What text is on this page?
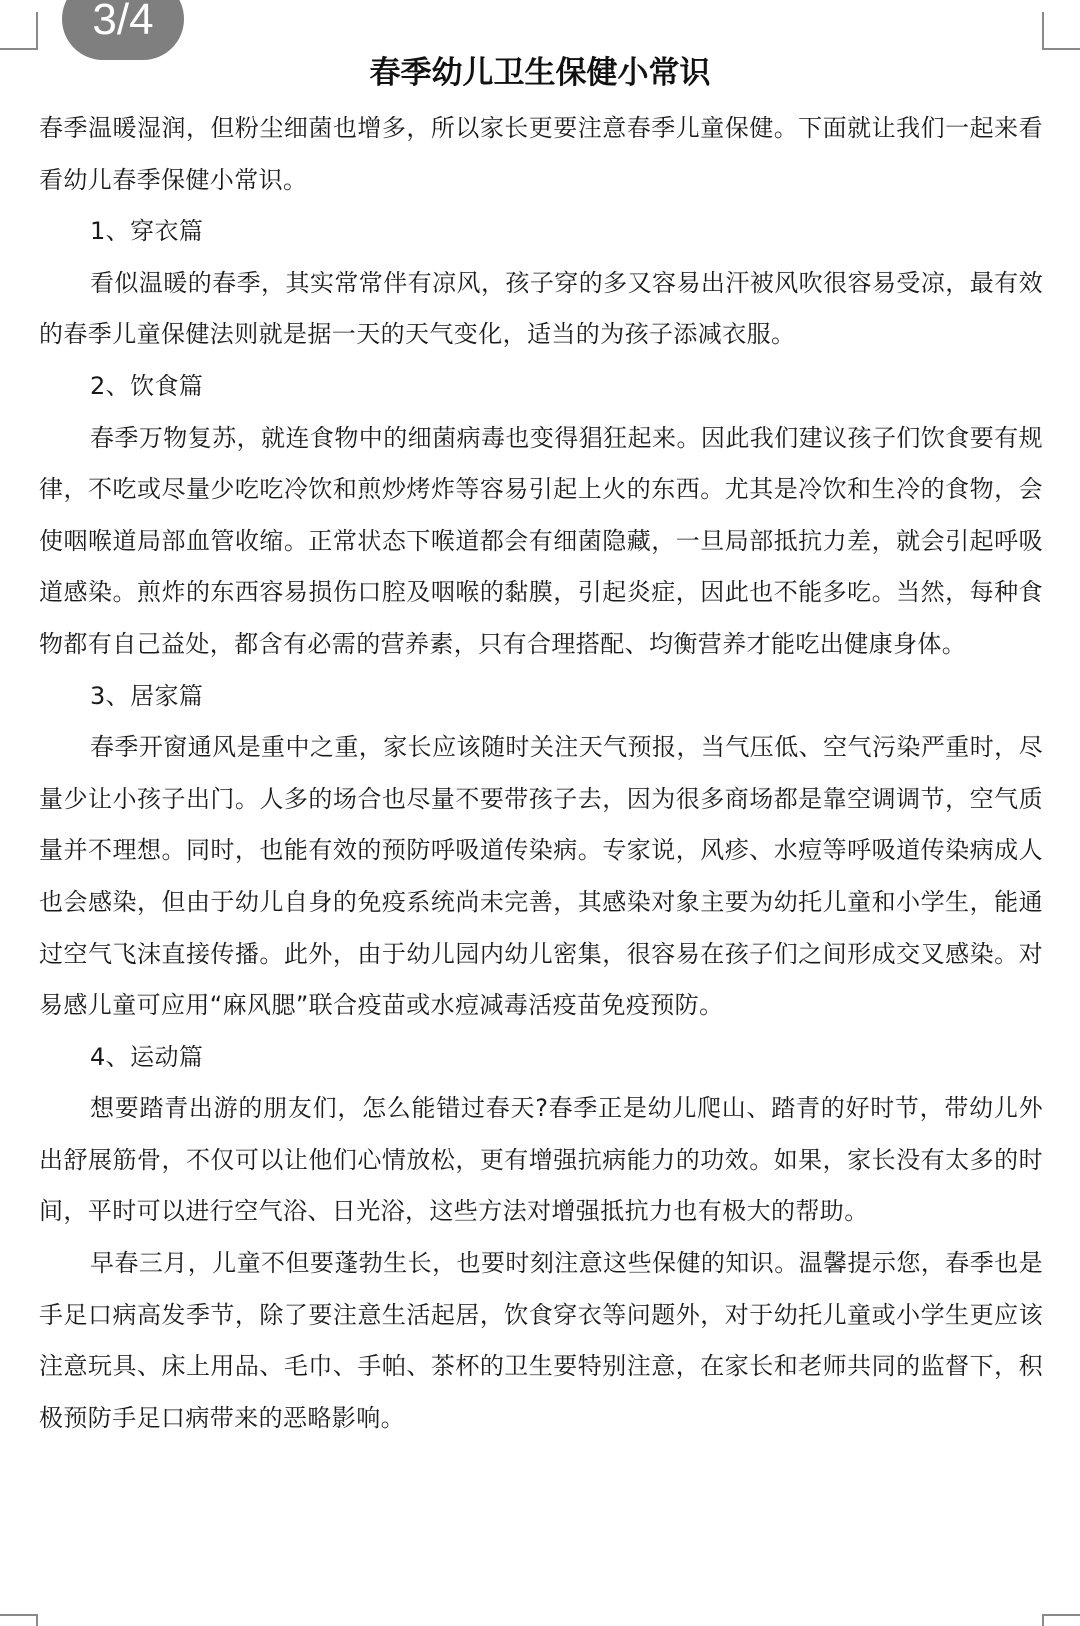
3/4
春季幼儿卫生保健小常识

春季温暖湿润，但粉尘细菌也增多，所以家长更要注意春季儿童保健。下面就让我们一起来看看幼儿春季保健小常识。

1、穿衣篇

看似温暖的春季，其实常常伴有凉风，孩子穿的多又容易出汗被风吹很容易受凉，最有效的春季儿童保健法则就是据一天的天气变化，适当的为孩子添减衣服。

2、饮食篇

春季万物复苏，就连食物中的细菌病毒也变得猖狂起来。因此我们建议孩子们饮食要有规律，不吃或尽量少吃吃冷饮和煎炒烤炸等容易引起上火的东西。尤其是冷饮和生冷的食物，会使咽喉道局部血管收缩。正常状态下喉道都会有细菌隐藏，一旦局部抵抗力差，就会引起呼吸道感染。煎炸的东西容易损伤口腔及咽喉的黏膜，引起炎症，因此也不能多吃。当然，每种食物都有自己益处，都含有必需的营养素，只有合理搭配、均衡营养才能吃出健康身体。

3、居家篇

春季开窗通风是重中之重，家长应该随时关注天气预报，当气压低、空气污染严重时，尽量少让小孩子出门。人多的场合也尽量不要带孩子去，因为很多商场都是靠空调调节，空气质量并不理想。同时，也能有效的预防呼吸道传染病。专家说，风疹、水痘等呼吸道传染病成人也会感染，但由于幼儿自身的免疫系统尚未完善，其感染对象主要为幼托儿童和小学生，能通过空气飞沫直接传播。此外，由于幼儿园内幼儿密集，很容易在孩子们之间形成交叉感染。对易感儿童可应用“麻风腮”联合疫苗或水痘减毒活疫苗免疫预防。

4、运动篇

想要踏青出游的朋友们，怎么能错过春天?春季正是幼儿爬山、踏青的好时节，带幼儿外出舒展筋骨，不仅可以让他们心情放松，更有增强抗病能力的功效。如果，家长没有太多的时间，平时可以进行空气浴、日光浴，这些方法对增强抵抗力也有极大的帮助。

早春三月，儿童不但要蓬勃生长，也要时刻注意这些保健的知识。温馨提示您，春季也是手足口病高发季节，除了要注意生活起居，饮食穿衣等问题外，对于幼托儿童或小学生更应该注意玩具、床上用品、毛巾、手帕、茶杯的卫生要特别注意，在家长和老师共同的监督下，积极预防手足口病带来的恶略影响。
